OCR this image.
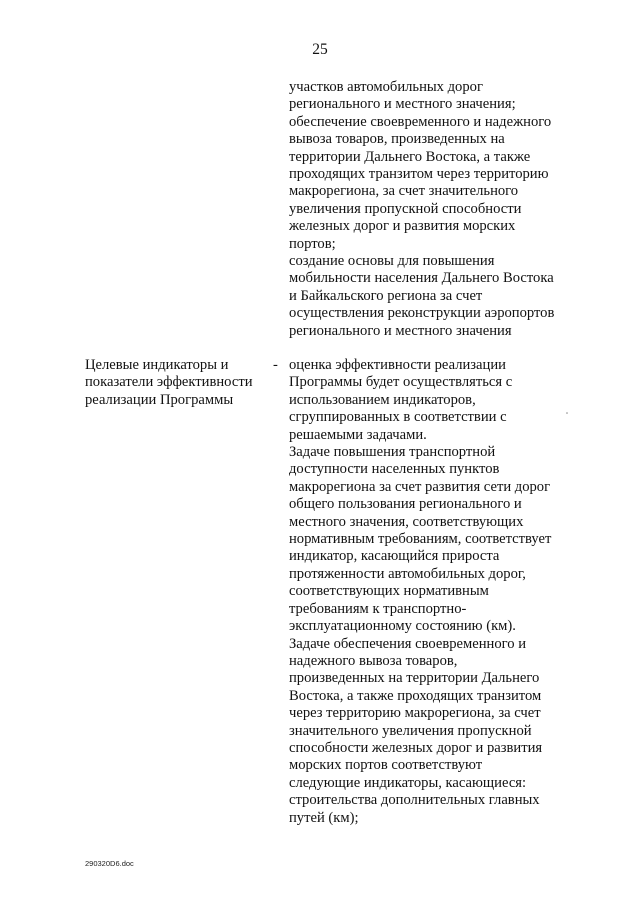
25
участков автомобильных дорог
регионального и местного значения;
обеспечение своевременного и надежного
вывоза товаров, произведенных на
территории Дальнего Востока, а также
проходящих транзитом через территорию
макрорегиона, за счет значительного
увеличения пропускной способности
железных дорог и развития морских
портов;
создание основы для повышения
мобильности населения Дальнего Востока
и Байкальского региона за счет
осуществления реконструкции аэропортов
регионального и местного значения
Целевые индикаторы и
показатели эффективности
реализации Программы
- оценка эффективности реализации
Программы будет осуществляться с
использованием индикаторов,
сгруппированных в соответствии с
решаемыми задачами.
Задаче повышения транспортной
доступности населенных пунктов
макрорегиона за счет развития сети дорог
общего пользования регионального и
местного значения, соответствующих
нормативным требованиям, соответствует
индикатор, касающийся прироста
протяженности автомобильных дорог,
соответствующих нормативным
требованиям к транспортно-
эксплуатационному состоянию (км).
Задаче обеспечения своевременного и
надежного вывоза товаров,
произведенных на территории Дальнего
Востока, а также проходящих транзитом
через территорию макрорегиона, за счет
значительного увеличения пропускной
способности железных дорог и развития
морских портов соответствуют
следующие индикаторы, касающиеся:
строительства дополнительных главных
путей (км);
290320D6.doc
